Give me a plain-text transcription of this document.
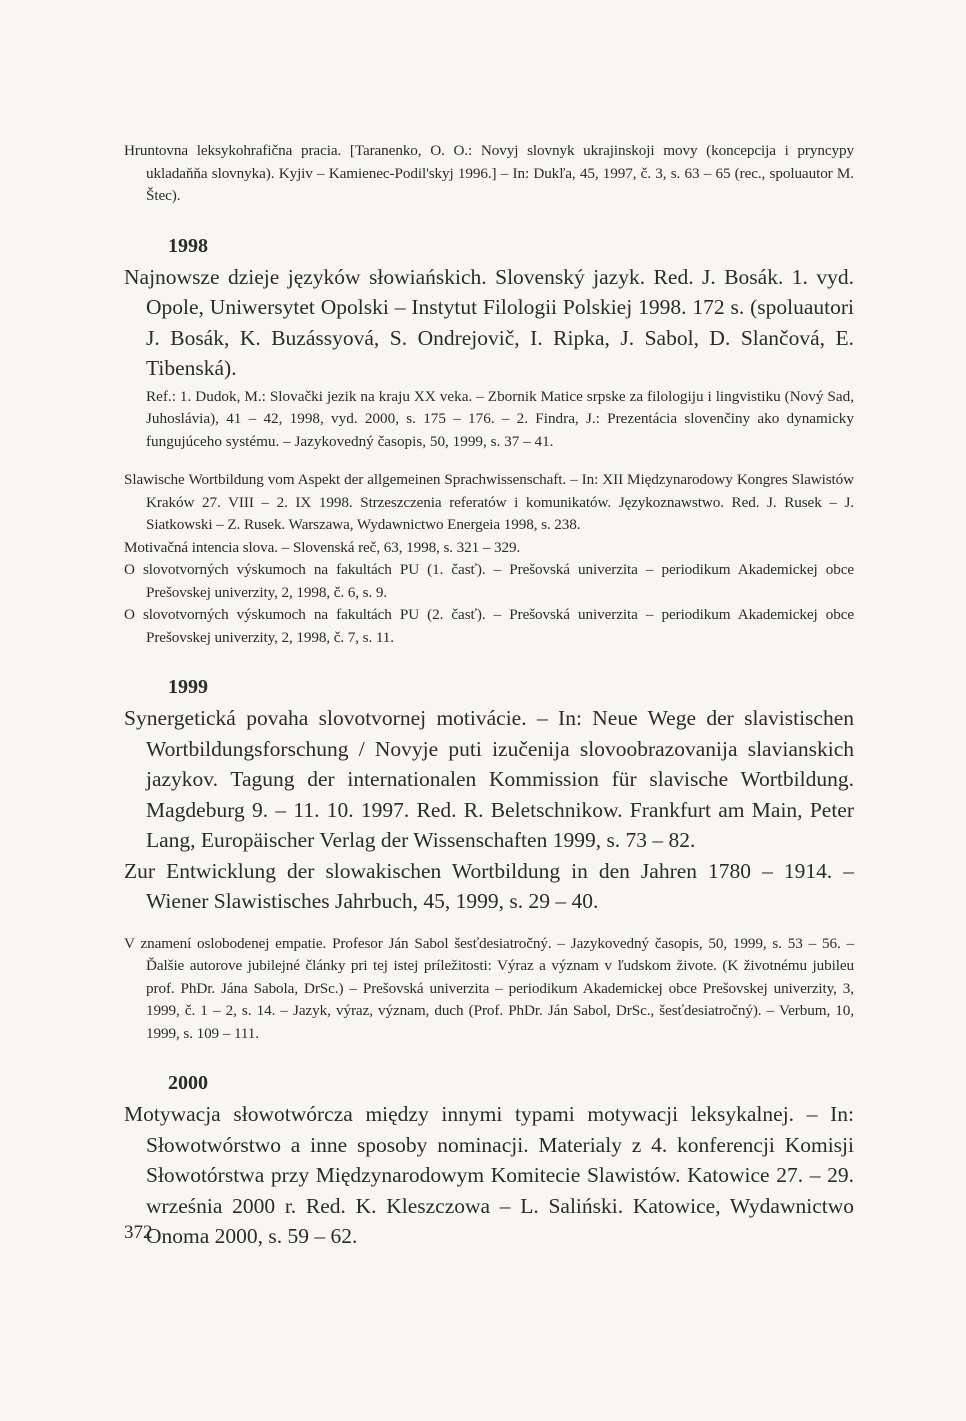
Hruntovna leksykohrafična pracia. [Taranenko, O. O.: Novyj slovnyk ukrajinskoji movy (koncepcija i pryncypy ukladaňňa slovnyka). Kyjiv – Kamienec-Podil'skyj 1996.] – In: Dukľa, 45, 1997, č. 3, s. 63 – 65 (rec., spoluautor M. Štec).
1998
Najnowsze dzieje języków słowiańskich. Slovenský jazyk. Red. J. Bosák. 1. vyd. Opole, Uniwersytet Opolski – Instytut Filologii Polskiej 1998. 172 s. (spoluautori J. Bosák, K. Buzássyová, S. Ondrejovič, I. Ripka, J. Sabol, D. Slančová, E. Tibenská).
Ref.: 1. Dudok, M.: Slovački jezik na kraju XX veka. – Zbornik Matice srpske za filologiju i lingvistiku (Nový Sad, Juhoslávia), 41 – 42, 1998, vyd. 2000, s. 175 – 176. – 2. Findra, J.: Prezentácia slovenčiny ako dynamicky fungujúceho systému. – Jazykovedný časopis, 50, 1999, s. 37 – 41.
Slawische Wortbildung vom Aspekt der allgemeinen Sprachwissenschaft. – In: XII Międzynarodowy Kongres Slawistów Kraków 27. VIII – 2. IX 1998. Strzeszczenia referatów i komunikatów. Językoznawstwo. Red. J. Rusek – J. Siatkowski – Z. Rusek. Warszawa, Wydawnictwo Energeia 1998, s. 238.
Motivačná intencia slova. – Slovenská reč, 63, 1998, s. 321 – 329.
O slovotvorných výskumoch na fakultách PU (1. časť). – Prešovská univerzita – periodikum Akademickej obce Prešovskej univerzity, 2, 1998, č. 6, s. 9.
O slovotvorných výskumoch na fakultách PU (2. časť). – Prešovská univerzita – periodikum Akademickej obce Prešovskej univerzity, 2, 1998, č. 7, s. 11.
1999
Synergetická povaha slovotvornej motivácie. – In: Neue Wege der slavistischen Wortbildungsforschung / Novyje puti izučenija slovoobrazovanija slavianskich jazykov. Tagung der internationalen Kommission für slavische Wortbildung. Magdeburg 9. – 11. 10. 1997. Red. R. Beletschnikow. Frankfurt am Main, Peter Lang, Europäischer Verlag der Wissenschaften 1999, s. 73 – 82.
Zur Entwicklung der slowakischen Wortbildung in den Jahren 1780 – 1914. – Wiener Slawistisches Jahrbuch, 45, 1999, s. 29 – 40.
V znamení oslobodenej empatie. Profesor Ján Sabol šesťdesiatročný. – Jazykovedný časopis, 50, 1999, s. 53 – 56. – Ďalšie autorove jubilejné články pri tej istej príležitosti: Výraz a význam v ľudskom živote. (K životnému jubileu prof. PhDr. Jána Sabola, DrSc.) – Prešovská univerzita – periodikum Akademickej obce Prešovskej univerzity, 3, 1999, č. 1 – 2, s. 14. – Jazyk, výraz, význam, duch (Prof. PhDr. Ján Sabol, DrSc., šesťdesiatročný). – Verbum, 10, 1999, s. 109 – 111.
2000
Motywacja słowotwórcza między innymi typami motywacji leksykalnej. – In: Słowotwórstwo a inne sposoby nominacji. Materialy z 4. konferencji Komisji Słowotórstwa przy Międzynarodowym Komitecie Slawistów. Katowice 27. – 29. września 2000 r. Red. K. Kleszczowa – L. Saliński. Katowice, Wydawnictwo Onoma 2000, s. 59 – 62.
372
